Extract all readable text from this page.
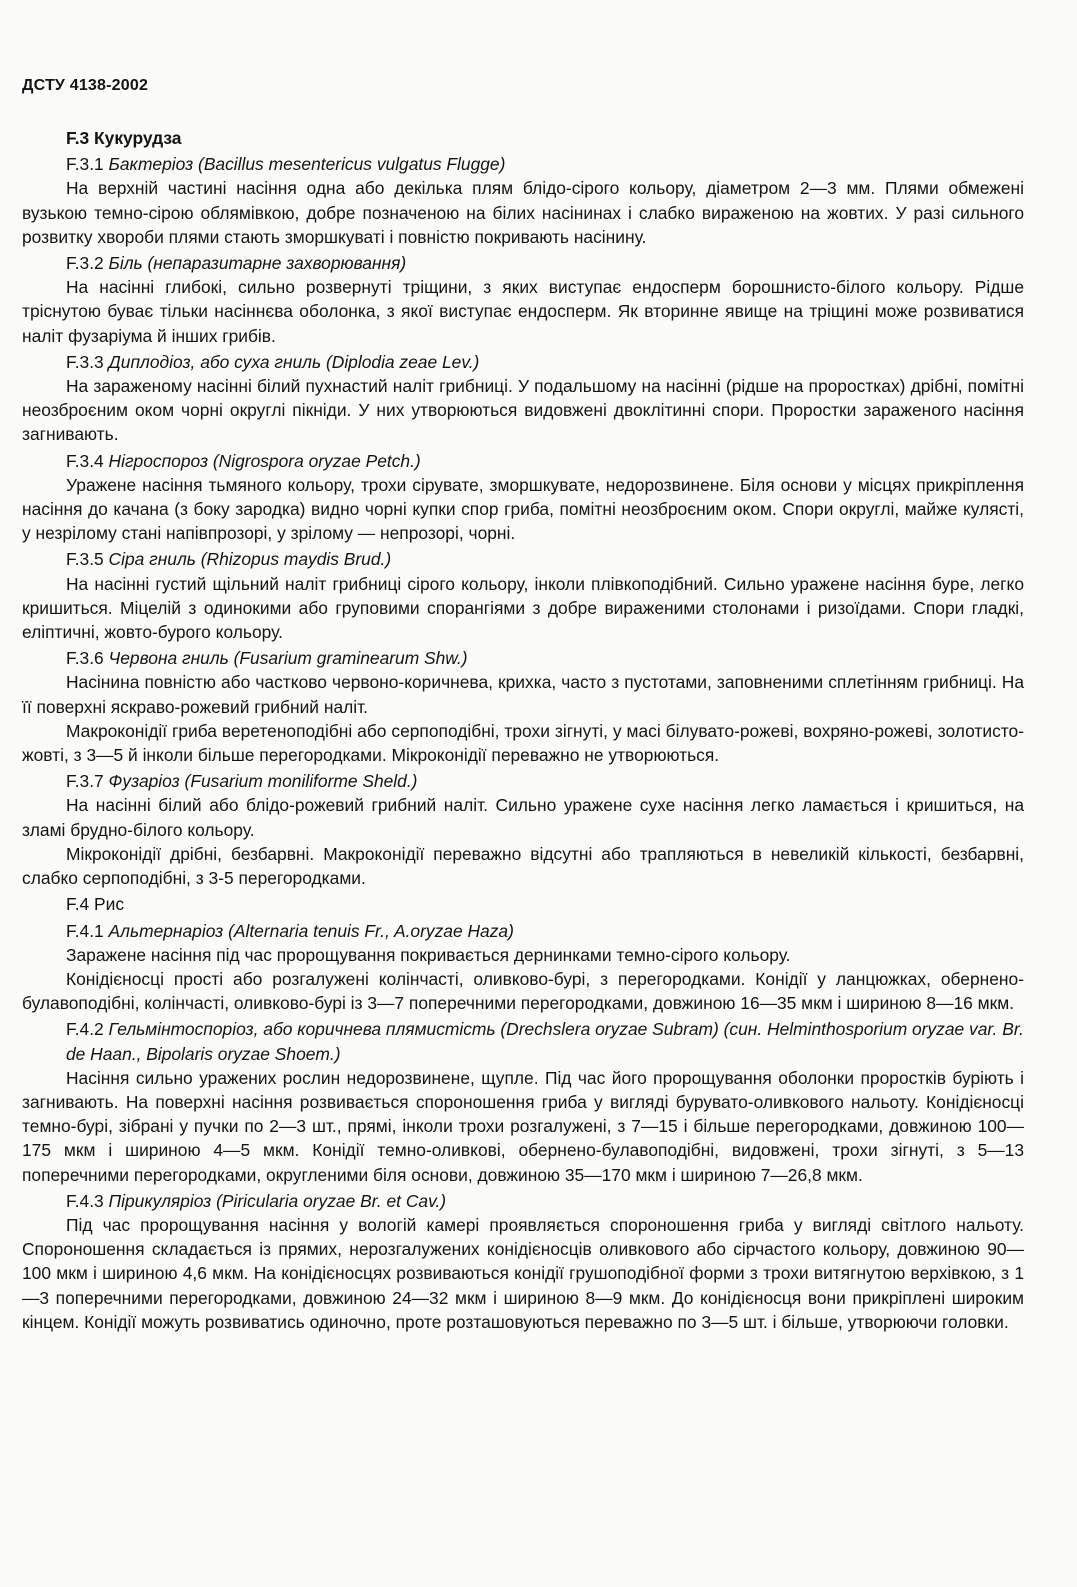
ДСТУ 4138-2002
F.3 Кукурудза
F.3.1 Бактеріоз (Bacillus mesentericus vulgatus Flugge)

На верхній частині насіння одна або декілька плям блідо-сірого кольору, діаметром 2—3 мм. Плями обмежені вузькою темно-сірою облямівкою, добре позначеною на білих насінинах і слабко вираженою на жовтих. У разі сильного розвитку хвороби плями стають зморшкуваті і повністю покривають насінину.

F.3.2 Біль (непаразитарне захворювання)

На насінні глибокі, сильно розвернуті тріщини, з яких виступає ендосперм борошнисто-білого кольору. Рідше тріснутою буває тільки насіннєва оболонка, з якої виступає ендосперм. Як вторинне явище на тріщині може розвиватися наліт фузаріума й інших грибів.

F.3.3 Диплодіоз, або суха гниль (Diplodia zeae Lev.)

На зараженому насінні білий пухнастий наліт грибниці. У подальшому на насінні (рідше на проростках) дрібні, помітні неозброєним оком чорні округлі пікніди. У них утворюються видовжені двоклітинні спори. Проростки зараженого насіння загнивають.

F.3.4 Нігроспороз (Nigrospora oryzae Petch.)

Уражене насіння тьмяного кольору, трохи сірувате, зморшкувате, недорозвинене. Біля основи у місцях прикріплення насіння до качана (з боку зародка) видно чорні купки спор гриба, помітні неозброєним оком. Спори округлі, майже кулясті, у незрілому стані напівпрозорі, у зрілому — непрозорі, чорні.

F.3.5 Сіра гниль (Rhizopus maydis Brud.)

На насінні густий щільний наліт грибниці сірого кольору, інколи плівкоподібний. Сильно уражене насіння буре, легко кришиться. Міцелій з одинокими або груповими спорангіями з добре вираженими столонами і ризоїдами. Спори гладкі, еліптичні, жовто-бурого кольору.

F.3.6 Червона гниль (Fusarium graminearum Shw.)

Насінина повністю або частково червоно-коричнева, крихка, часто з пустотами, заповненими сплетінням грибниці. На її поверхні яскраво-рожевий грибний наліт.

Макроконідії гриба веретеноподібні або серпоподібні, трохи зігнуті, у масі білувато-рожеві, вохряно-рожеві, золотисто-жовті, з 3—5 й інколи більше перегородками. Мікроконідії переважно не утворюються.

F.3.7 Фузаріоз (Fusarium moniliforme Sheld.)

На насінні білий або блідо-рожевий грибний наліт. Сильно уражене сухе насіння легко ламається і кришиться, на зламі брудно-білого кольору.

Мікроконідії дрібні, безбарвні. Макроконідії переважно відсутні або трапляються в невеликій кількості, безбарвні, слабко серпоподібні, з 3-5 перегородками.

F.4 Рис
F.4.1 Альтернаріоз (Alternaria tenuis Fr., A.oryzae Haza)

Заражене насіння під час пророщування покривається дернинками темно-сірого кольору.

Конідієносці прості або розгалужені колінчасті, оливково-бурі, з перегородками. Конідії у ланцюжках, обернено-булавоподібні, колінчасті, оливково-бурі із 3—7 поперечними перегородками, довжиною 16—35 мкм і шириною 8—16 мкм.

F.4.2 Гельмінтоспоріоз, або коричнева плямистість (Drechslera oryzae Subram) (син. Helminthosporium oryzae var. Br. de Haan., Bipolaris oryzae Shoem.)

Насіння сильно уражених рослин недорозвинене, щупле. Під час його пророщування оболонки проростків буріють і загнивають. На поверхні насіння розвивається спороношення гриба у вигляді бурувато-оливкового нальоту. Конідієносці темно-бурі, зібрані у пучки по 2—3 шт., прямі, інколи трохи розгалужені, з 7—15 і більше перегородками, довжиною 100—175 мкм і шириною 4—5 мкм. Конідії темно-оливкові, обернено-булавоподібні, видовжені, трохи зігнуті, з 5—13 поперечними перегородками, округленими біля основи, довжиною 35—170 мкм і шириною 7—26,8 мкм.

F.4.3 Пірикуляріоз (Piricularia oryzae Br. et Cav.)

Під час пророщування насіння у вологій камері проявляється спороношення гриба у вигляді світлого нальоту. Спороношення складається із прямих, нерозгалужених конідієносців оливкового або сірчастого кольору, довжиною 90—100 мкм і шириною 4,6 мкм. На конідієносцях розвиваються конідії грушоподібної форми з трохи витягнутою верхівкою, з 1—3 поперечними перегородками, довжиною 24—32 мкм і шириною 8—9 мкм. До конідієносця вони прикріплені широким кінцем. Конідії можуть розвиватись одиночно, проте розташовуються переважно по 3—5 шт. і більше, утворюючи головки.
